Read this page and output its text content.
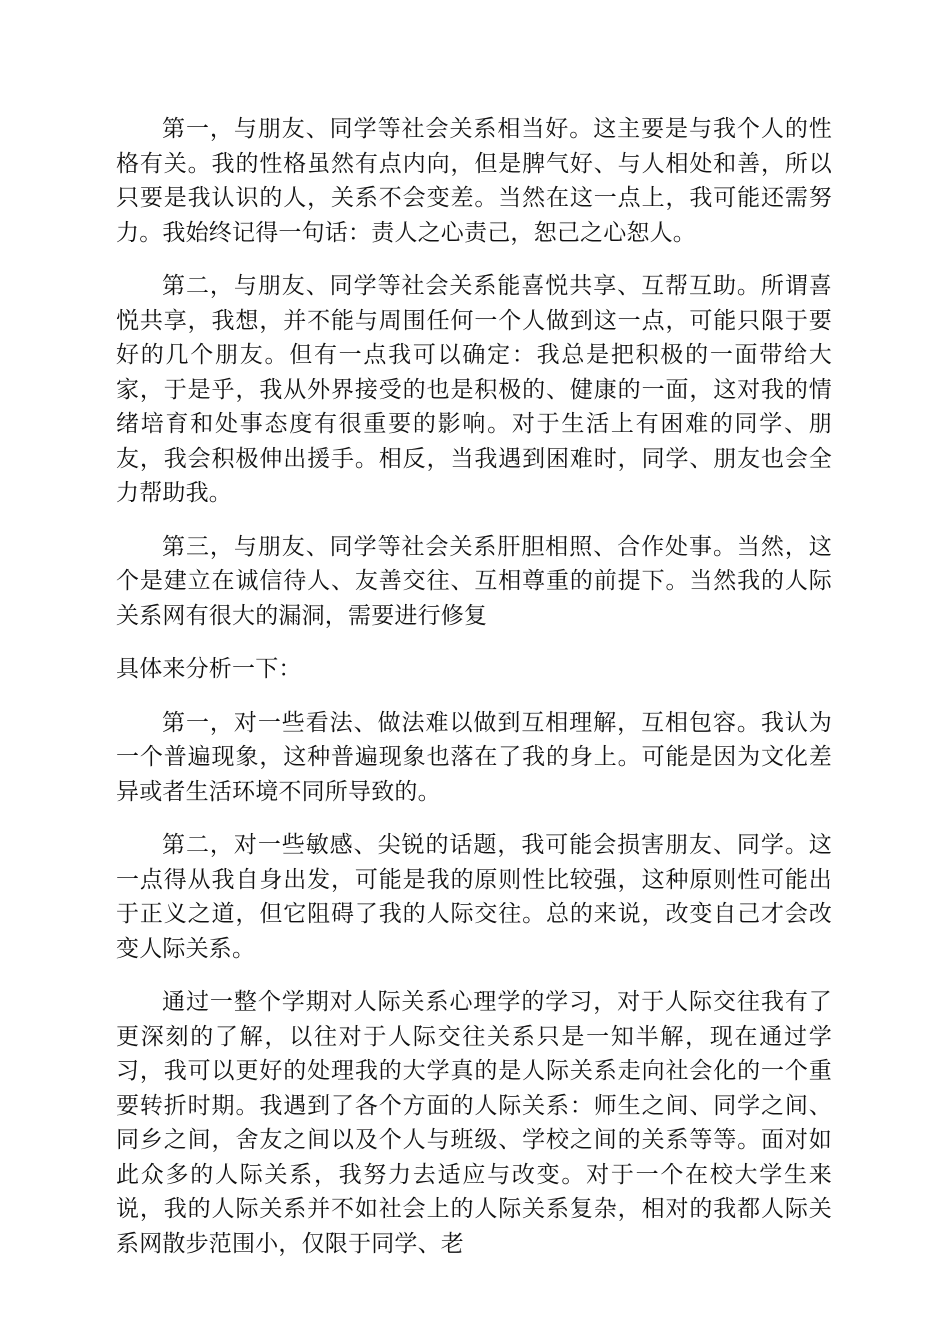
第一，与朋友、同学等社会关系相当好。这主要是与我个人的性格有关。我的性格虽然有点内向，但是脾气好、与人相处和善，所以只要是我认识的人，关系不会变差。当然在这一点上，我可能还需努力。我始终记得一句话：责人之心责己，恕己之心恕人。

第二，与朋友、同学等社会关系能喜悦共享、互帮互助。所谓喜悦共享，我想，并不能与周围任何一个人做到这一点，可能只限于要好的几个朋友。但有一点我可以确定：我总是把积极的一面带给大家，于是乎，我从外界接受的也是积极的、健康的一面，这对我的情绪培育和处事态度有很重要的影响。对于生活上有困难的同学、朋友，我会积极伸出援手。相反，当我遇到困难时，同学、朋友也会全力帮助我。

第三，与朋友、同学等社会关系肝胆相照、合作处事。当然，这个是建立在诚信待人、友善交往、互相尊重的前提下。当然我的人际关系网有很大的漏洞，需要进行修复

具体来分析一下：

第一，对一些看法、做法难以做到互相理解，互相包容。我认为一个普遍现象，这种普遍现象也落在了我的身上。可能是因为文化差异或者生活环境不同所导致的。

第二，对一些敏感、尖锐的话题，我可能会损害朋友、同学。这一点得从我自身出发，可能是我的原则性比较强，这种原则性可能出于正义之道，但它阻碍了我的人际交往。总的来说，改变自己才会改变人际关系。

通过一整个学期对人际关系心理学的学习，对于人际交往我有了更深刻的了解，以往对于人际交往关系只是一知半解，现在通过学习，我可以更好的处理我的大学真的是人际关系走向社会化的一个重要转折时期。我遇到了各个方面的人际关系：师生之间、同学之间、同乡之间，舍友之间以及个人与班级、学校之间的关系等等。面对如此众多的人际关系，我努力去适应与改变。对于一个在校大学生来说，我的人际关系并不如社会上的人际关系复杂，相对的我都人际关系网散步范围小，仅限于同学、老
